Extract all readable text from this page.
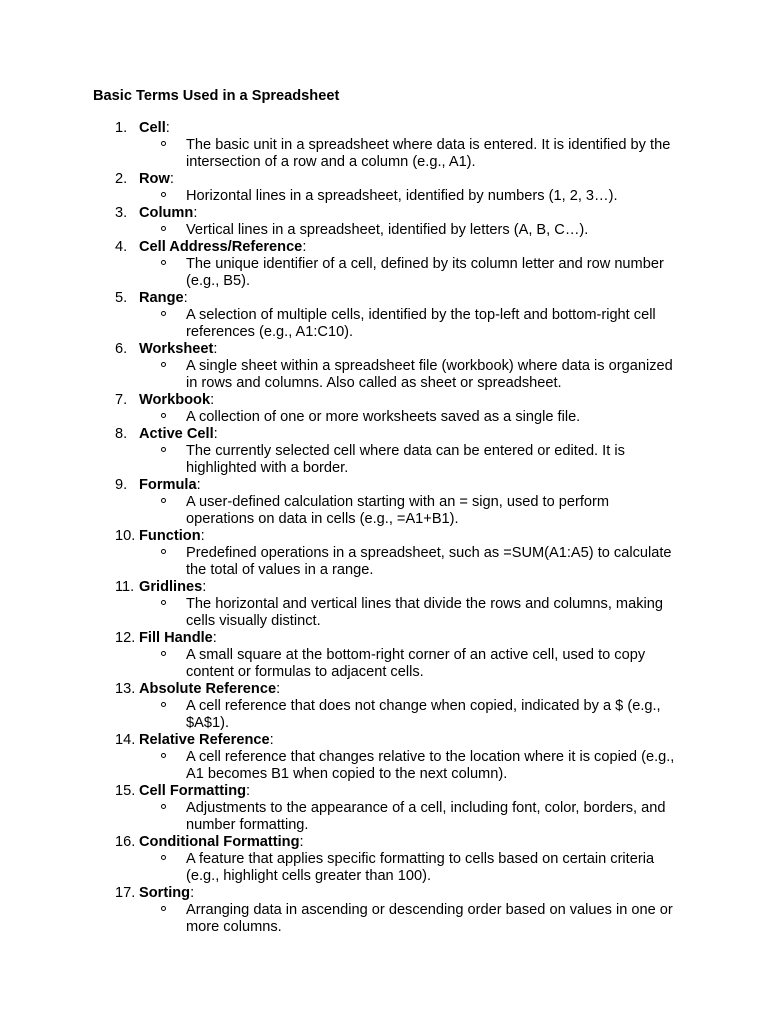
Basic Terms Used in a Spreadsheet
1. Cell:
The basic unit in a spreadsheet where data is entered. It is identified by the intersection of a row and a column (e.g., A1).
2. Row:
Horizontal lines in a spreadsheet, identified by numbers (1, 2, 3…).
3. Column:
Vertical lines in a spreadsheet, identified by letters (A, B, C…).
4. Cell Address/Reference:
The unique identifier of a cell, defined by its column letter and row number (e.g., B5).
5. Range:
A selection of multiple cells, identified by the top-left and bottom-right cell references (e.g., A1:C10).
6. Worksheet:
A single sheet within a spreadsheet file (workbook) where data is organized in rows and columns. Also called as sheet or spreadsheet.
7. Workbook:
A collection of one or more worksheets saved as a single file.
8. Active Cell:
The currently selected cell where data can be entered or edited. It is highlighted with a border.
9. Formula:
A user-defined calculation starting with an = sign, used to perform operations on data in cells (e.g., =A1+B1).
10. Function:
Predefined operations in a spreadsheet, such as =SUM(A1:A5) to calculate the total of values in a range.
11. Gridlines:
The horizontal and vertical lines that divide the rows and columns, making cells visually distinct.
12. Fill Handle:
A small square at the bottom-right corner of an active cell, used to copy content or formulas to adjacent cells.
13. Absolute Reference:
A cell reference that does not change when copied, indicated by a $ (e.g., $A$1).
14. Relative Reference:
A cell reference that changes relative to the location where it is copied (e.g., A1 becomes B1 when copied to the next column).
15. Cell Formatting:
Adjustments to the appearance of a cell, including font, color, borders, and number formatting.
16. Conditional Formatting:
A feature that applies specific formatting to cells based on certain criteria (e.g., highlight cells greater than 100).
17. Sorting:
Arranging data in ascending or descending order based on values in one or more columns.
